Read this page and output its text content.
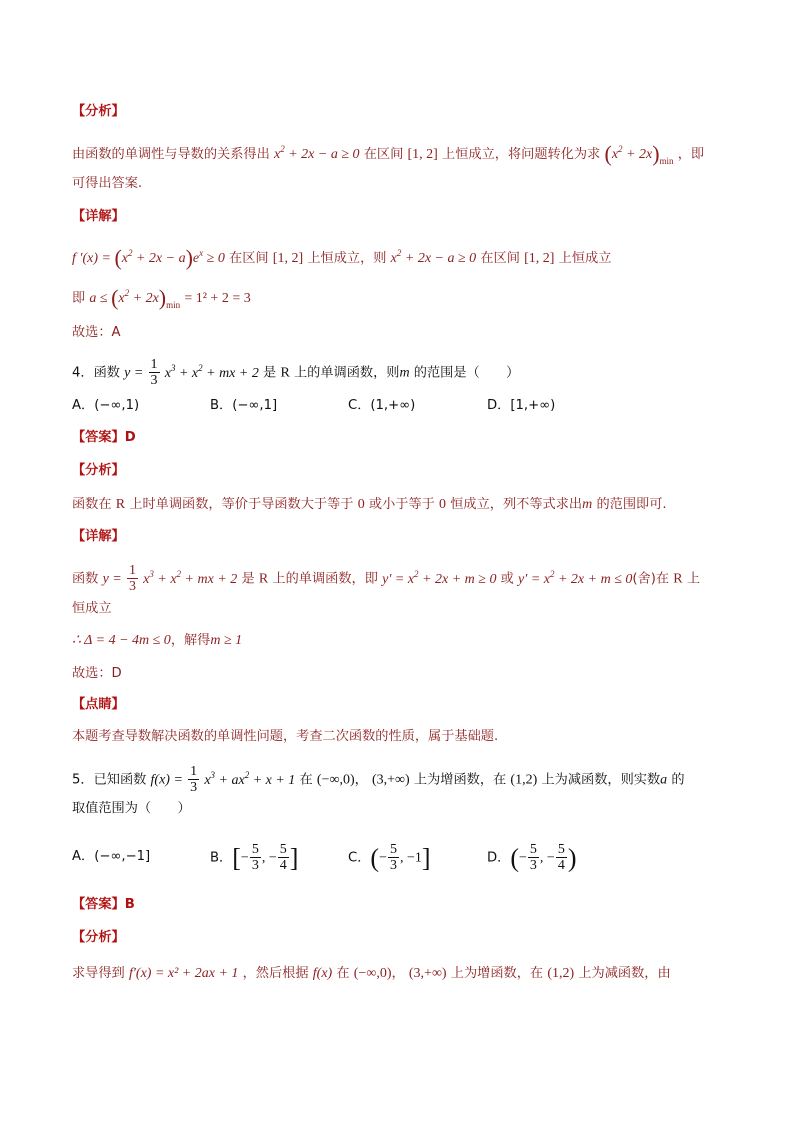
【分析】
由函数的单调性与导数的关系得出 $x^2 + 2x - a \ge 0$ 在区间 [1, 2] 上恒成立，将问题转化为求 $(x^2 + 2x)_{min}$ ，即
可得出答案.
【详解】
f $'(x) = (x^2 + 2x - a)e^x \ge 0$ 在区间 [1, 2] 上恒成立，则 $x^2 + 2x - a \ge 0$ 在区间 [1, 2] 上恒成立
即 $a \le (x^2 + 2x)_{min} = 1^2 + 2 = 3$
故选：A
4．函数 $y = \frac{1}{3} x^3 + x^2$ + mx + 2 是 R 上的单调函数，则m 的范围是（　　）
A．(−∞,1)	B．(−∞,1]	C．(1,+∞)	D．[1,+∞)
【答案】D
【分析】
函数在 R 上时单调函数，等价于导函数大于等于 0 或小于等于 0 恒成立，列不等式求出m 的范围即可.
【详解】
函数 $y = \frac{1}{3} x^3 + x^2$ + mx + 2 是 R 上的单调函数，即 $y' = x^2 + 2x + m \ge 0$ 或 $y' = x^2 + 2x + m \le 0$(舍)在 R 上
恒成立
∴ Δ = 4 − 4m ≤ 0，解得m ≥ 1
故选：D
【点睛】
本题考查导数解决函数的单调性问题，考查二次函数的性质，属于基础题.
5．已知函数 $f(x) = \frac{1}{3} x^3 + ax^2 + x + 1$ 在 (−∞,0)， (3,+∞) 上为增函数，在 (1,2) 上为减函数，则实数a 的
取值范围为（　　）
A．(−∞,−1]	B．[− $\frac{5}{3}$ , − $\frac{5}{4}$ ]	C．(− $\frac{5}{3}$ , −1]	D．(− $\frac{5}{3}$ , − $\frac{5}{4}$ )
【答案】B
【分析】
求导得到 f′(x) = x² + 2ax + 1 ，然后根据 f(x) 在 (−∞,0)， (3,+∞) 上为增函数，在 (1,2) 上为减函数，由
